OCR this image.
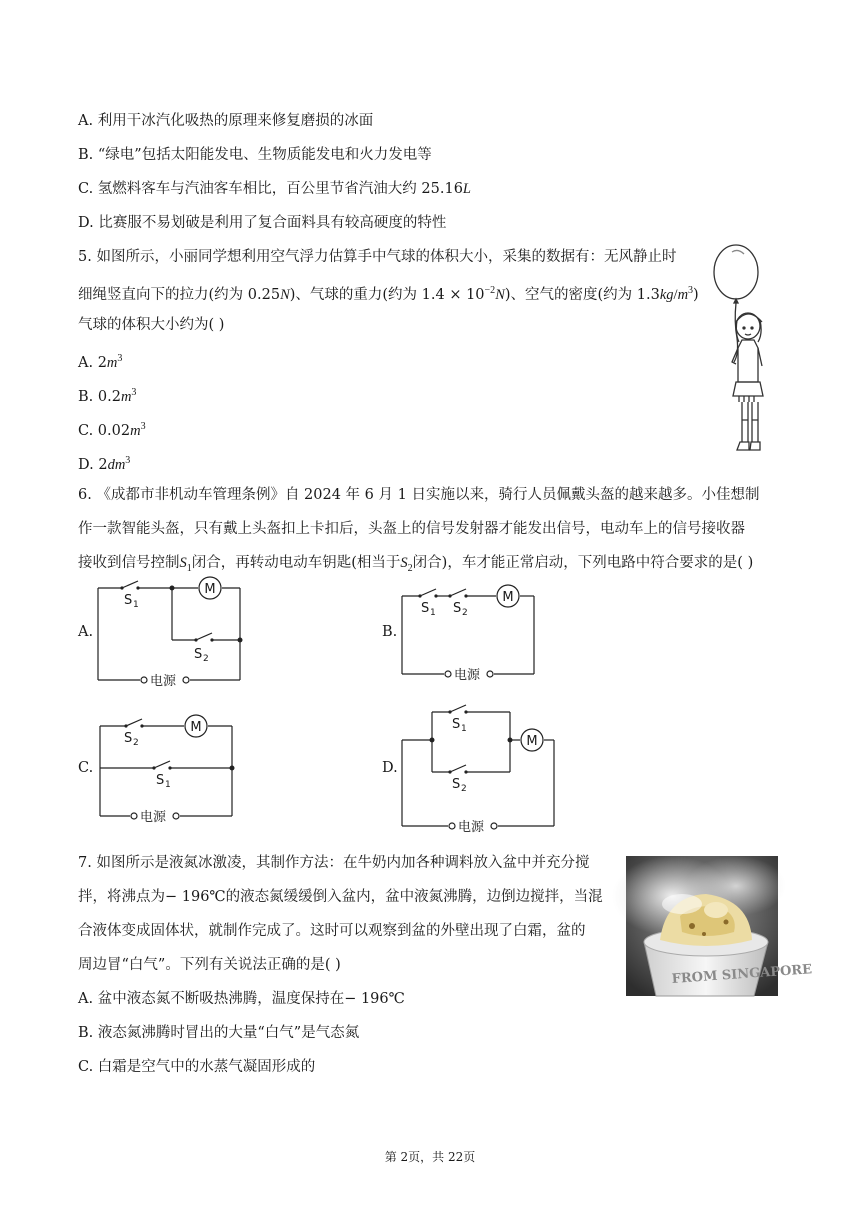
A. 利用干冰汽化吸热的原理来修复磨损的冰面
B. “绿电”包括太阳能发电、生物质能发电和火力发电等
C. 氢燃料客车与汽油客车相比，百公里节省汽油大约 25.16L
D. 比赛服不易划破是利用了复合面料具有较高硬度的特性
5. 如图所示，小丽同学想利用空气浮力估算手中气球的体积大小，采集的数据有：无风静止时
细绳竖直向下的拉力(约为 0.25N)、气球的重力(约为 $1.4 \times 10^{-2}N$)、空气的密度(约为 $1.3kg/m^3$)
气球的体积大小约为( )
A. $2m^3$
B. $0.2m^3$
C. $0.02m^3$
D. $2dm^3$
6. 《成都市非机动车管理条例》自 2024 年 6 月 1 日实施以来，骑行人员佩戴头盔的越来越多。小佳想制
作一款智能头盔，只有戴上头盔扣上卡扣后，头盔上的信号发射器才能发出信号，电动车上的信号接收器
接收到信号控制$S_1$闭合，再转动电动车钥匙(相当于$S_2$闭合)，车才能正常启动，下列电路中符合要求的是( )
A.	B.
C.	D.
M
S 1
S 2
电源
M
S 1 S 2
电源
M
S 2
S 1
电源
M
S 1
S 2
电源
7. 如图所示是液氮冰激凌，其制作方法：在牛奶内加各种调料放入盆中并充分搅
拌，将沸点为− 196℃的液态氮缓缓倒入盆内，盆中液氮沸腾，边倒边搅拌，当混
合液体变成固体状，就制作完成了。这时可以观察到盆的外壁出现了白霜，盆的
周边冒“白气”。下列有关说法正确的是( )
A. 盆中液态氮不断吸热沸腾，温度保持在− 196℃
B. 液态氮沸腾时冒出的大量“白气”是气态氮
C. 白霜是空气中的水蒸气凝固形成的
FROM SINGAPORE
第 2页，共 22页
